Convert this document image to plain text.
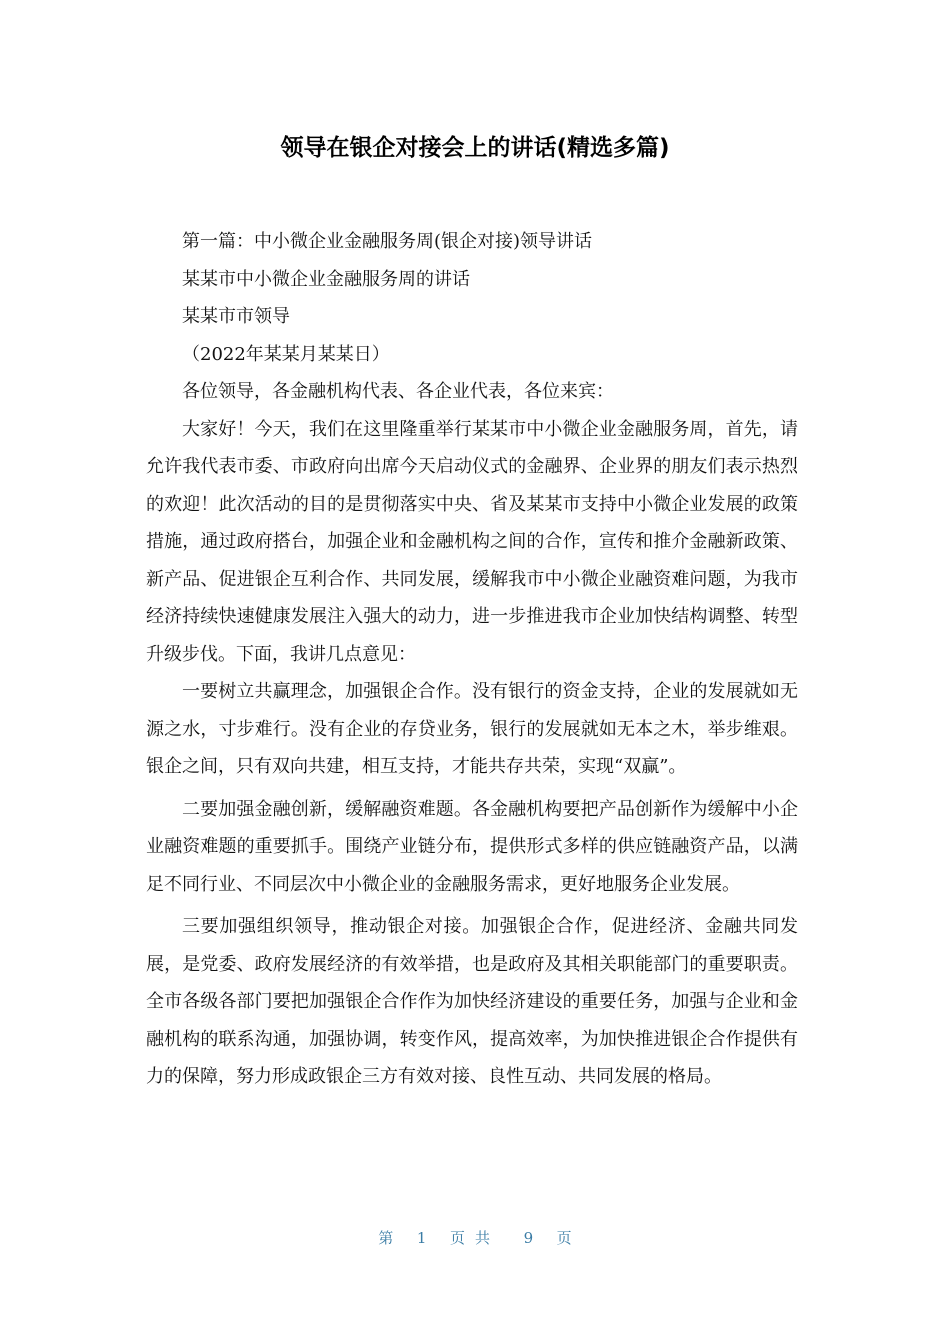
领导在银企对接会上的讲话(精选多篇)

第一篇：中小微企业金融服务周(银企对接)领导讲话

某某市中小微企业金融服务周的讲话

某某市市领导

（2022年某某月某某日）

各位领导，各金融机构代表、各企业代表，各位来宾：

大家好！今天，我们在这里隆重举行某某市中小微企业金融服务周，首先，请允许我代表市委、市政府向出席今天启动仪式的金融界、企业界的朋友们表示热烈的欢迎！此次活动的目的是贯彻落实中央、省及某某市支持中小微企业发展的政策措施，通过政府搭台，加强企业和金融机构之间的合作，宣传和推介金融新政策、新产品、促进银企互利合作、共同发展，缓解我市中小微企业融资难问题，为我市经济持续快速健康发展注入强大的动力，进一步推进我市企业加快结构调整、转型升级步伐。下面，我讲几点意见：

一要树立共赢理念，加强银企合作。没有银行的资金支持，企业的发展就如无源之水，寸步难行。没有企业的存贷业务，银行的发展就如无本之木，举步维艰。银企之间，只有双向共建，相互支持，才能共存共荣，实现“双赢”。

二要加强金融创新，缓解融资难题。各金融机构要把产品创新作为缓解中小企业融资难题的重要抓手。围绕产业链分布，提供形式多样的供应链融资产品，以满足不同行业、不同层次中小微企业的金融服务需求，更好地服务企业发展。

三要加强组织领导，推动银企对接。加强银企合作，促进经济、金融共同发展，是党委、政府发展经济的有效举措，也是政府及其相关职能部门的重要职责。全市各级各部门要把加强银企合作作为加快经济建设的重要任务，加强与企业和金融机构的联系沟通，加强协调，转变作风，提高效率，为加快推进银企合作提供有力的保障，努力形成政银企三方有效对接、良性互动、共同发展的格局。

第 1 页共 9 页
